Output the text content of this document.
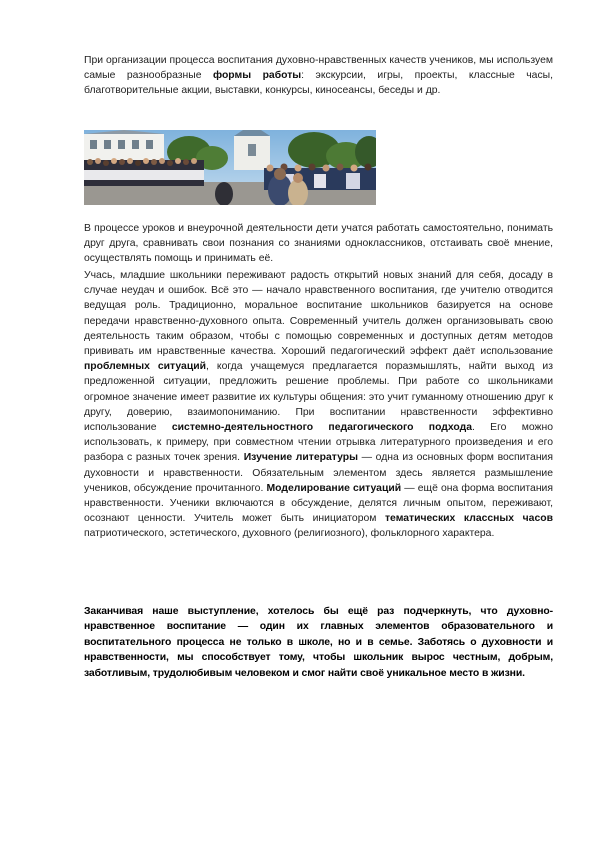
При организации процесса воспитания духовно-нравственных качеств учеников, мы используем самые разнообразные формы работы: экскурсии, игры, проекты, классные часы, благотворительные акции, выставки, конкурсы, киносеансы, беседы и др.

В процессе уроков и внеурочной деятельности дети учатся работать самостоятельно, понимать друг друга, сравнивать свои познания со знаниями одноклассников, отстаивать своё мнение, осуществлять помощь и принимать её.

Учась, младшие школьники переживают радость открытий новых знаний для себя, досаду в случае неудач и ошибок. Всё это — начало нравственного воспитания, где учителю отводится ведущая роль. Традиционно, моральное воспитание школьников базируется на основе передачи нравственно-духовного опыта. Современный учитель должен организовывать свою деятельность таким образом, чтобы с помощью современных и доступных детям методов прививать им нравственные качества. Хороший педагогический эффект даёт использование проблемных ситуаций, когда учащемуся предлагается поразмышлять, найти выход из предложенной ситуации, предложить решение проблемы. При работе со школьниками огромное значение имеет развитие их культуры общения: это учит гуманному отношению друг к другу, доверию, взаимопониманию. При воспитании нравственности эффективно использование системно-деятельностного педагогического подхода. Его можно использовать, к примеру, при совместном чтении отрывка литературного произведения и его разбора с разных точек зрения. Изучение литературы — одна из основных форм воспитания духовности и нравственности. Обязательным элементом здесь является размышление учеников, обсуждение прочитанного. Моделирование ситуаций — ещё она форма воспитания нравственности. Ученики включаются в обсуждение, делятся личным опытом, переживают, осознают ценности. Учитель может быть инициатором тематических классных часов патриотического, эстетического, духовного (религиозного), фольклорного характера.

Заканчивая наше выступление, хотелось бы ещё раз подчеркнуть, что духовно-нравственное воспитание — один их главных элементов образовательного и воспитательного процесса не только в школе, но и в семье. Заботясь о духовности и нравственности, мы способствует тому, чтобы школьник вырос честным, добрым, заботливым, трудолюбивым человеком и смог найти своё уникальное место в жизни.
